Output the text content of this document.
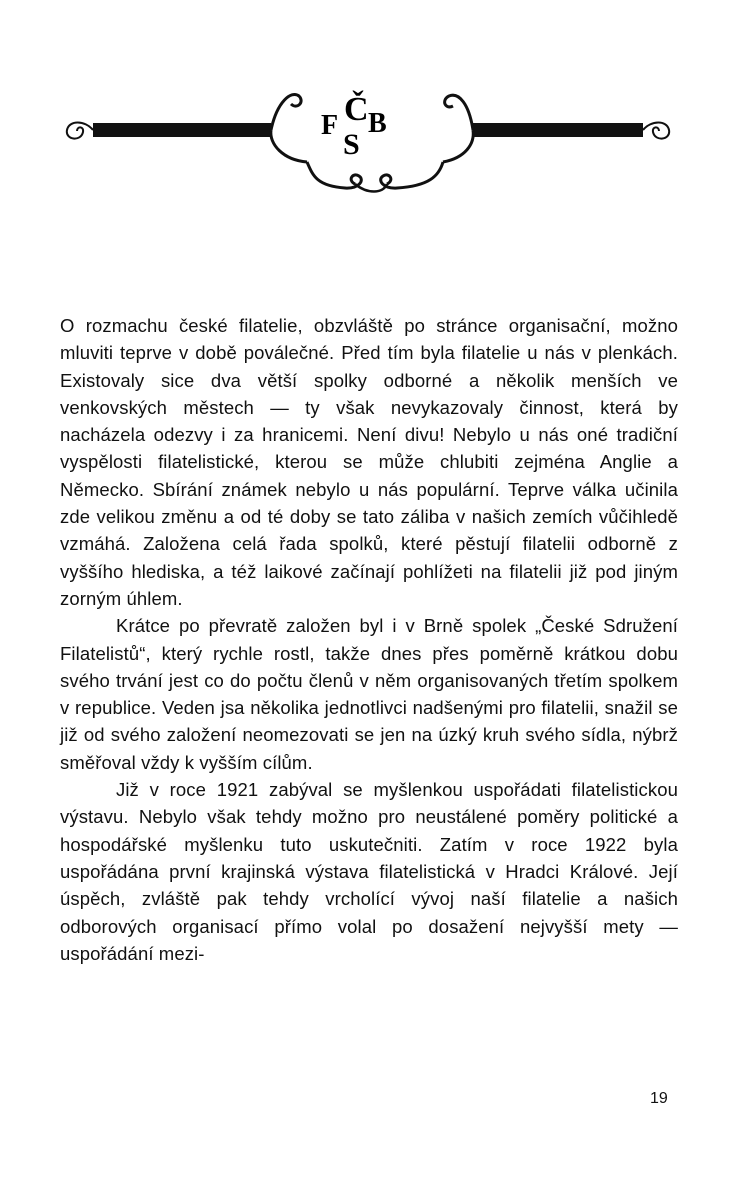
F Č
S
B

O rozmachu české filatelie, obzvláště po stránce organisační, možno mluviti teprve v době poválečné. Před tím byla filatelie u nás v plenkách. Existovaly sice dva větší spolky odborné a několik menších ve venkovských městech — ty však nevykazovaly činnost, která by nacházela odezvy i za hranicemi. Není divu! Nebylo u nás oné tradiční vyspělosti filatelistické, kterou se může chlubiti zejména Anglie a Německo. Sbírání známek nebylo u nás populární. Teprve válka učinila zde velikou změnu a od té doby se tato záliba v našich zemích vůčihledě vzmáhá. Založena celá řada spolků, které pěstují filatelii odborně z vyššího hlediska, a též laikové začínají pohlížeti na filatelii již pod jiným zorným úhlem.

Krátce po převratě založen byl i v Brně spolek „České Sdružení Filatelistů“, který rychle rostl, takže dnes přes poměrně krátkou dobu svého trvání jest co do počtu členů v něm organisovaných třetím spolkem v republice. Veden jsa několika jednotlivci nadšenými pro filatelii, snažil se již od svého založení neomezovati se jen na úzký kruh svého sídla, nýbrž směřoval vždy k vyšším cílům.

Již v roce 1921 zabýval se myšlenkou uspořádati filatelistickou výstavu. Nebylo však tehdy možno pro neustálené poměry politické a hospodářské myšlenku tuto uskutečniti. Zatím v roce 1922 byla uspořádána první krajinská výstava filatelistická v Hradci Králové. Její úspěch, zvláště pak tehdy vrcholící vývoj naší filatelie a našich odborových organisací přímo volal po dosažení nejvyšší mety — uspořádání mezi-

19
